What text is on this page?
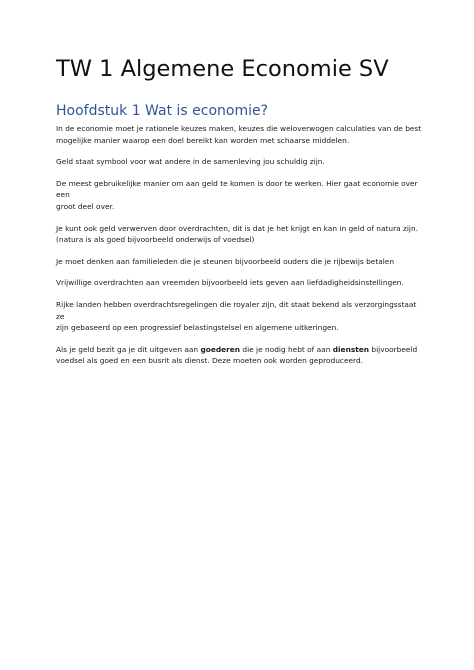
TW 1 Algemene Economie SV
Hoofdstuk 1 Wat is economie?

In de economie moet je rationele keuzes maken, keuzes die weloverwogen calculaties van de best
mogelijke manier waarop een doel bereikt kan worden met schaarse middelen.

Geld staat symbool voor wat andere in de samenleving jou schuldig zijn.

De meest gebruikelijke manier om aan geld te komen is door te werken. Hier gaat economie over een
groot deel over.

Je kunt ook geld verwerven door overdrachten, dit is dat je het krijgt en kan in geld of natura zijn.
(natura is als goed bijvoorbeeld onderwijs of voedsel)

Je moet denken aan familieleden die je steunen bijvoorbeeld ouders die je rijbewijs betalen

Vrijwillige overdrachten aan vreemden bijvoorbeeld iets geven aan liefdadigheidsinstellingen.

Rijke landen hebben overdrachtsregelingen die royaler zijn, dit staat bekend als verzorgingsstaat ze
zijn gebaseerd op een progressief belastingstelsel en algemene uitkeringen.

Als je geld bezit ga je dit uitgeven aan goederen die je nodig hebt of aan diensten bijvoorbeeld
voedsel als goed en een busrit als dienst. Deze moeten ook worden geproduceerd.
